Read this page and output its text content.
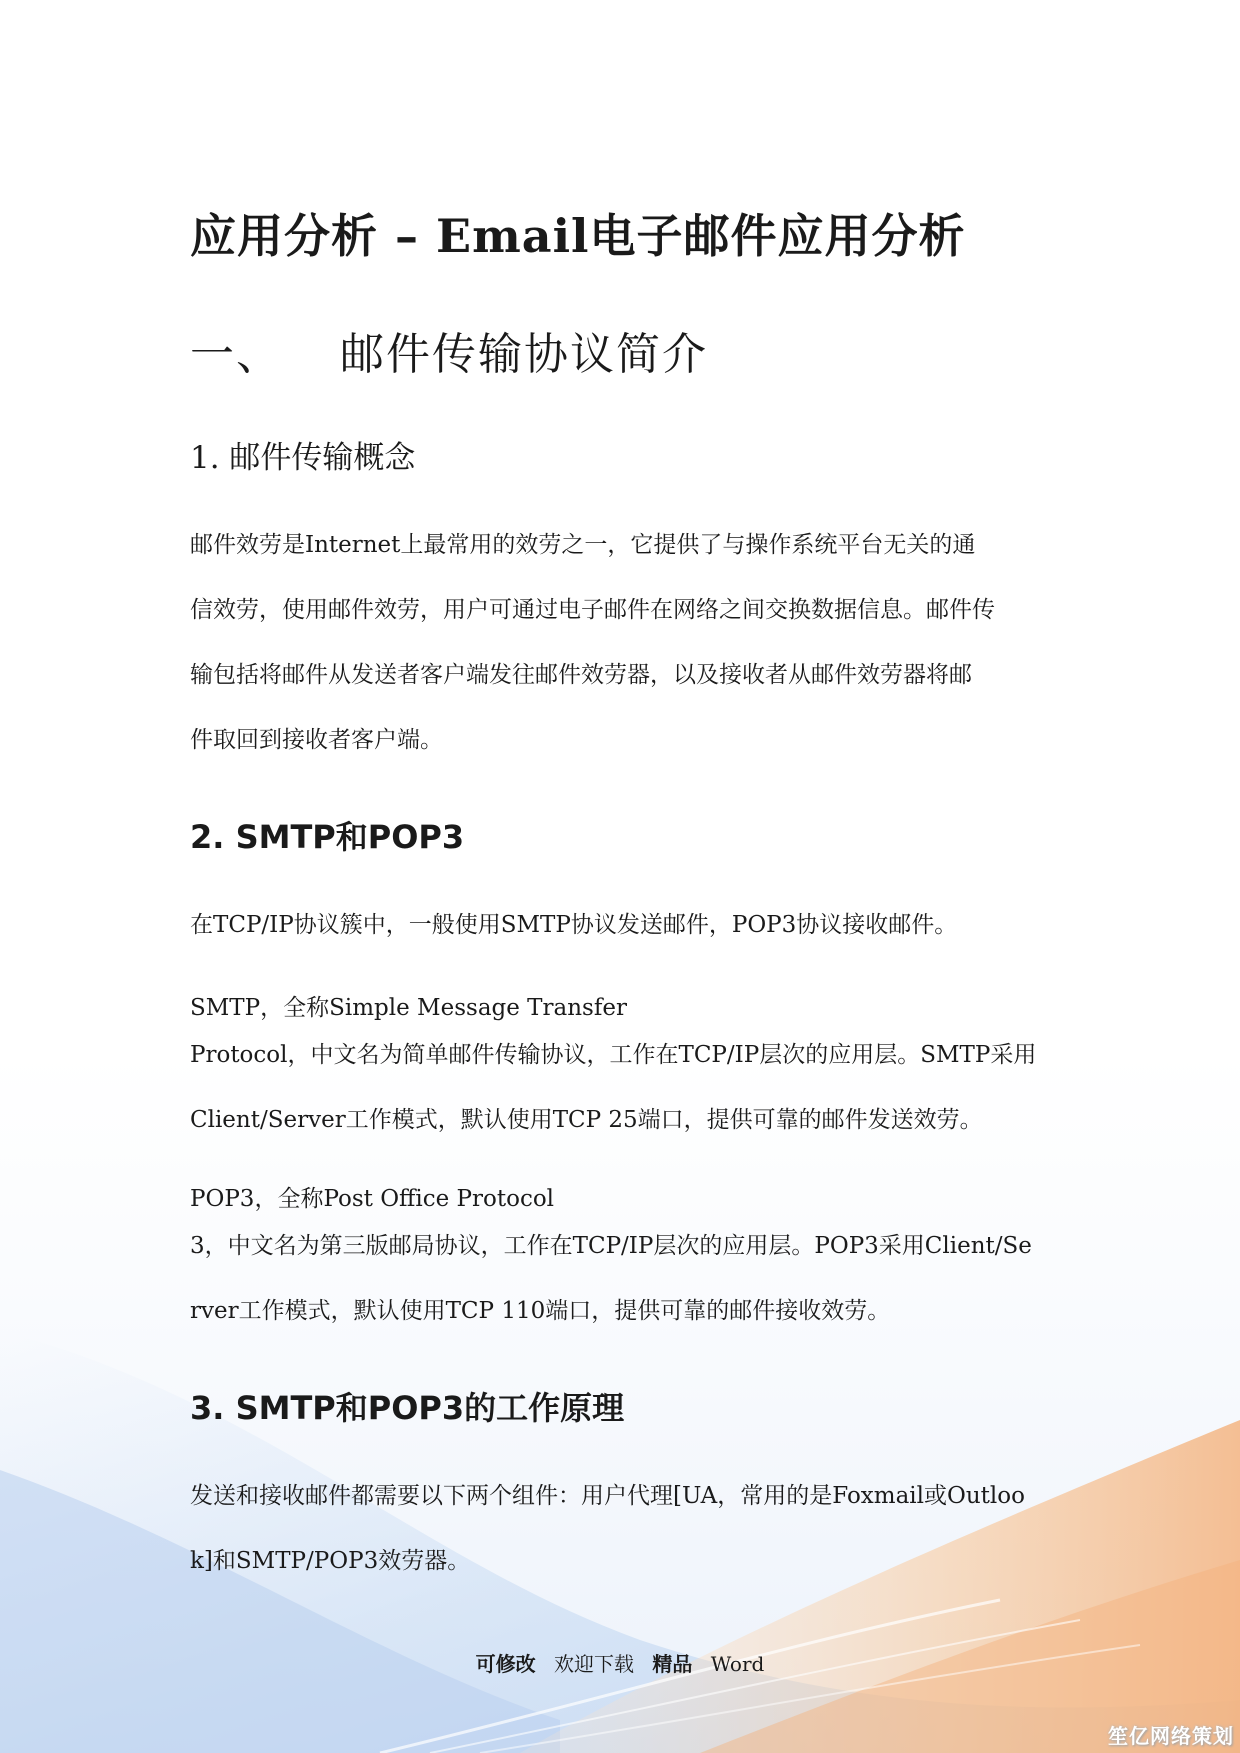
应用分析 – Email电子邮件应用分析
一、 邮件传输协议简介
1. 邮件传输概念

邮件效劳是Internet上最常用的效劳之一，它提供了与操作系统平台无关的通
信效劳，使用邮件效劳，用户可通过电子邮件在网络之间交换数据信息。邮件传
输包括将邮件从发送者客户端发往邮件效劳器，以及接收者从邮件效劳器将邮
件取回到接收者客户端。

2. SMTP和POP3

在TCP/IP协议簇中，一般使用SMTP协议发送邮件，POP3协议接收邮件。

SMTP，全称Simple Message Transfer
Protocol，中文名为简单邮件传输协议，工作在TCP/IP层次的应用层。SMTP采用
Client/Server工作模式，默认使用TCP 25端口，提供可靠的邮件发送效劳。

POP3，全称Post Office Protocol
3，中文名为第三版邮局协议，工作在TCP/IP层次的应用层。POP3采用Client/Se
rver工作模式，默认使用TCP 110端口，提供可靠的邮件接收效劳。

3. SMTP和POP3的工作原理

发送和接收邮件都需要以下两个组件：用户代理[UA，常用的是Foxmail或Outloo
k]和SMTP/POP3效劳器。

可修改 欢迎下载 精品 Word
笙亿网络策划
